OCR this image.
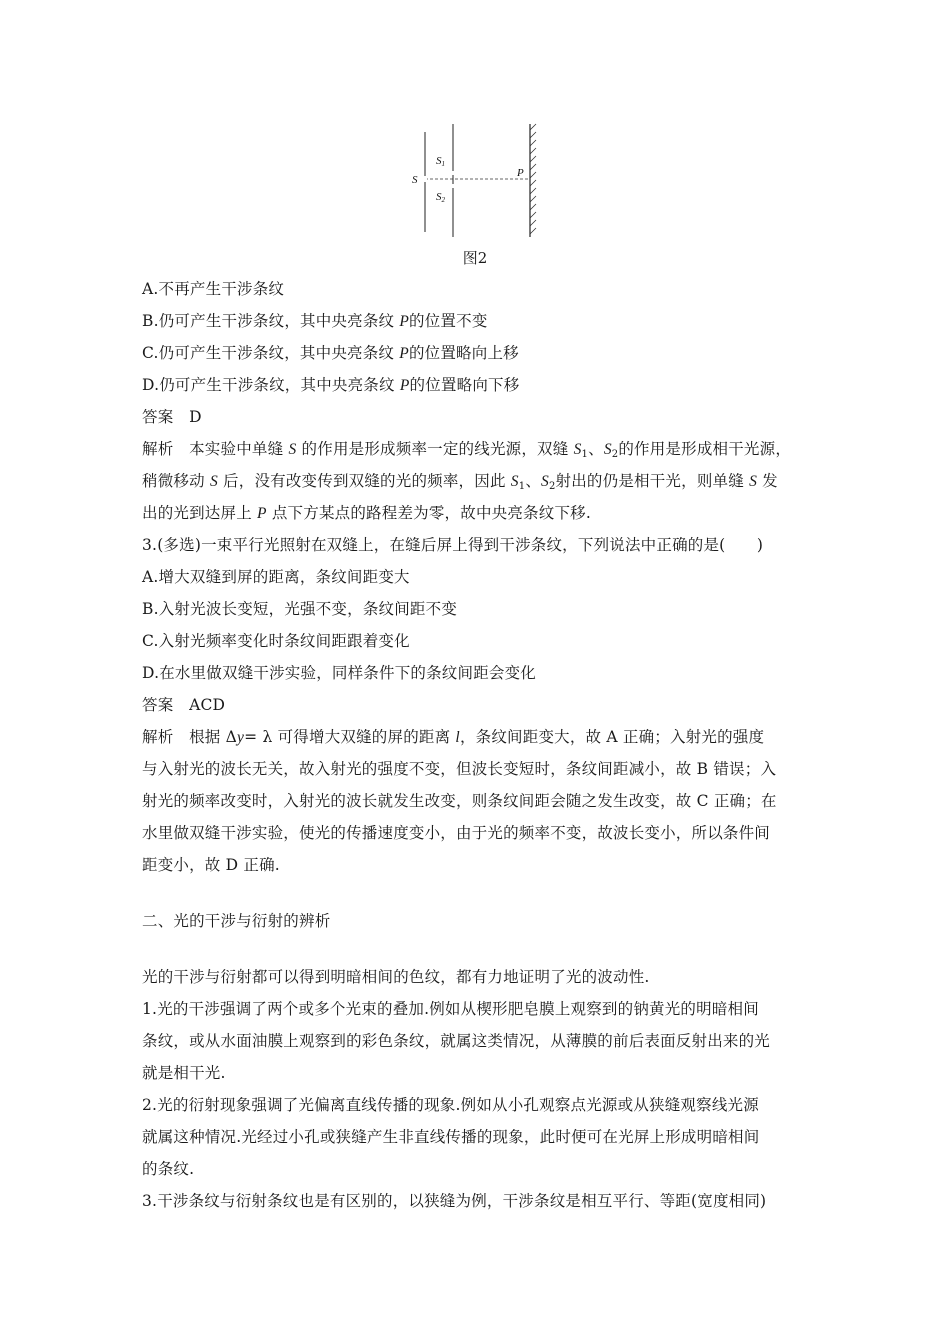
S
S1
S2
P
图2
A.不再产生干涉条纹
B.仍可产生干涉条纹，其中央亮条纹 P的位置不变
C.仍可产生干涉条纹，其中央亮条纹 P的位置略向上移
D.仍可产生干涉条纹，其中央亮条纹 P的位置略向下移
答案　D
解析　本实验中单缝 S 的作用是形成频率一定的线光源，双缝 $S_1$、$S_2$的作用是形成相干光源，
稍微移动 S 后，没有改变传到双缝的光的频率，因此 $S_1$、$S_2$射出的仍是相干光，则单缝 S 发
出的光到达屏上 P 点下方某点的路程差为零，故中央亮条纹下移.
3.(多选)一束平行光照射在双缝上，在缝后屏上得到干涉条纹，下列说法中正确的是(　　)
A.增大双缝到屏的距离，条纹间距变大
B.入射光波长变短，光强不变，条纹间距不变
C.入射光频率变化时条纹间距跟着变化
D.在水里做双缝干涉实验，同样条件下的条纹间距会变化
答案　ACD
解析　根据 Δy= λ 可得增大双缝的屏的距离 l，条纹间距变大，故 A 正确；入射光的强度
与入射光的波长无关，故入射光的强度不变，但波长变短时，条纹间距减小，故 B 错误；入
射光的频率改变时，入射光的波长就发生改变，则条纹间距会随之发生改变，故 C 正确；在
水里做双缝干涉实验，使光的传播速度变小，由于光的频率不变，故波长变小，所以条件间
距变小，故 D 正确.
二、光的干涉与衍射的辨析
光的干涉与衍射都可以得到明暗相间的色纹，都有力地证明了光的波动性.
1.光的干涉强调了两个或多个光束的叠加.例如从楔形肥皂膜上观察到的钠黄光的明暗相间
条纹，或从水面油膜上观察到的彩色条纹，就属这类情况，从薄膜的前后表面反射出来的光
就是相干光.
2.光的衍射现象强调了光偏离直线传播的现象.例如从小孔观察点光源或从狭缝观察线光源
就属这种情况.光经过小孔或狭缝产生非直线传播的现象，此时便可在光屏上形成明暗相间
的条纹.
3.干涉条纹与衍射条纹也是有区别的，以狭缝为例，干涉条纹是相互平行、等距(宽度相同)
